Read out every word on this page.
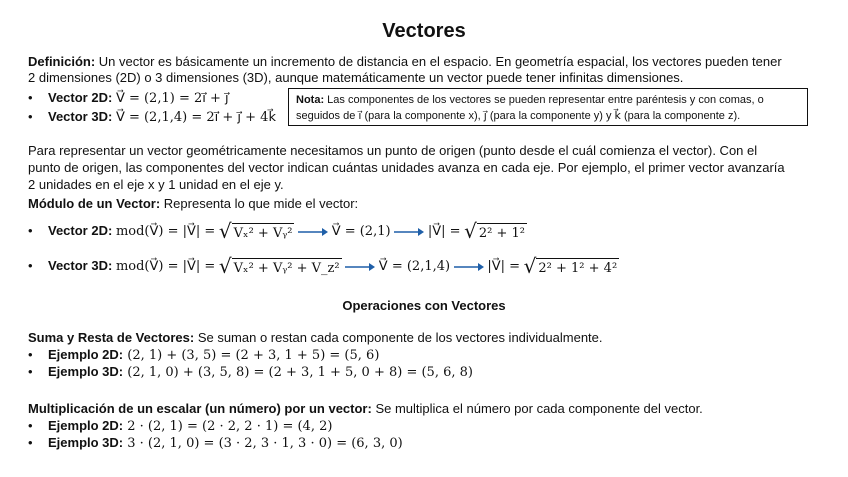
Vectores
Definición: Un vector es básicamente un incremento de distancia en el espacio. En geometría espacial, los vectores pueden tener
2 dimensiones (2D) o 3 dimensiones (3D), aunque matemáticamente un vector puede tener infinitas dimensiones.
• Vector 2D: V⃗ = (2,1) = 2i⃗ + j⃗
• Vector 3D: V⃗ = (2,1,4) = 2i⃗ + j⃗ + 4k⃗
Nota: Las componentes de los vectores se pueden representar entre paréntesis y con comas, o
seguidos de i⃗ (para la componente x), j⃗ (para la componente y) y k⃗ (para la componente z).
Para representar un vector geométricamente necesitamos un punto de origen (punto desde el cuál comienza el vector). Con el
punto de origen, las componentes del vector indican cuántas unidades avanza en cada eje. Por ejemplo, el primer vector avanzaría
2 unidades en el eje x y 1 unidad en el eje y.
Módulo de un Vector: Representa lo que mide el vector:
• Vector 2D: mod(V⃗) = |V⃗| = √ Vₓ² + Vᵧ²	V⃗ = (2,1)	|V⃗| = √ 2² + 1²
• Vector 3D: mod(V⃗) = |V⃗| = √ Vₓ² + Vᵧ² + V_z²	V⃗ = (2,1,4)	|V⃗| = √ 2² + 1² + 4²
Operaciones con Vectores
Suma y Resta de Vectores: Se suman o restan cada componente de los vectores individualmente.
• Ejemplo 2D: (2, 1) + (3, 5) = (2 + 3, 1 + 5) = (5, 6)
• Ejemplo 3D: (2, 1, 0) + (3, 5, 8) = (2 + 3, 1 + 5, 0 + 8) = (5, 6, 8)
Multiplicación de un escalar (un número) por un vector: Se multiplica el número por cada componente del vector.
• Ejemplo 2D: 2 · (2, 1) = (2 · 2, 2 · 1) = (4, 2)
• Ejemplo 3D: 3 · (2, 1, 0) = (3 · 2, 3 · 1, 3 · 0) = (6, 3, 0)
